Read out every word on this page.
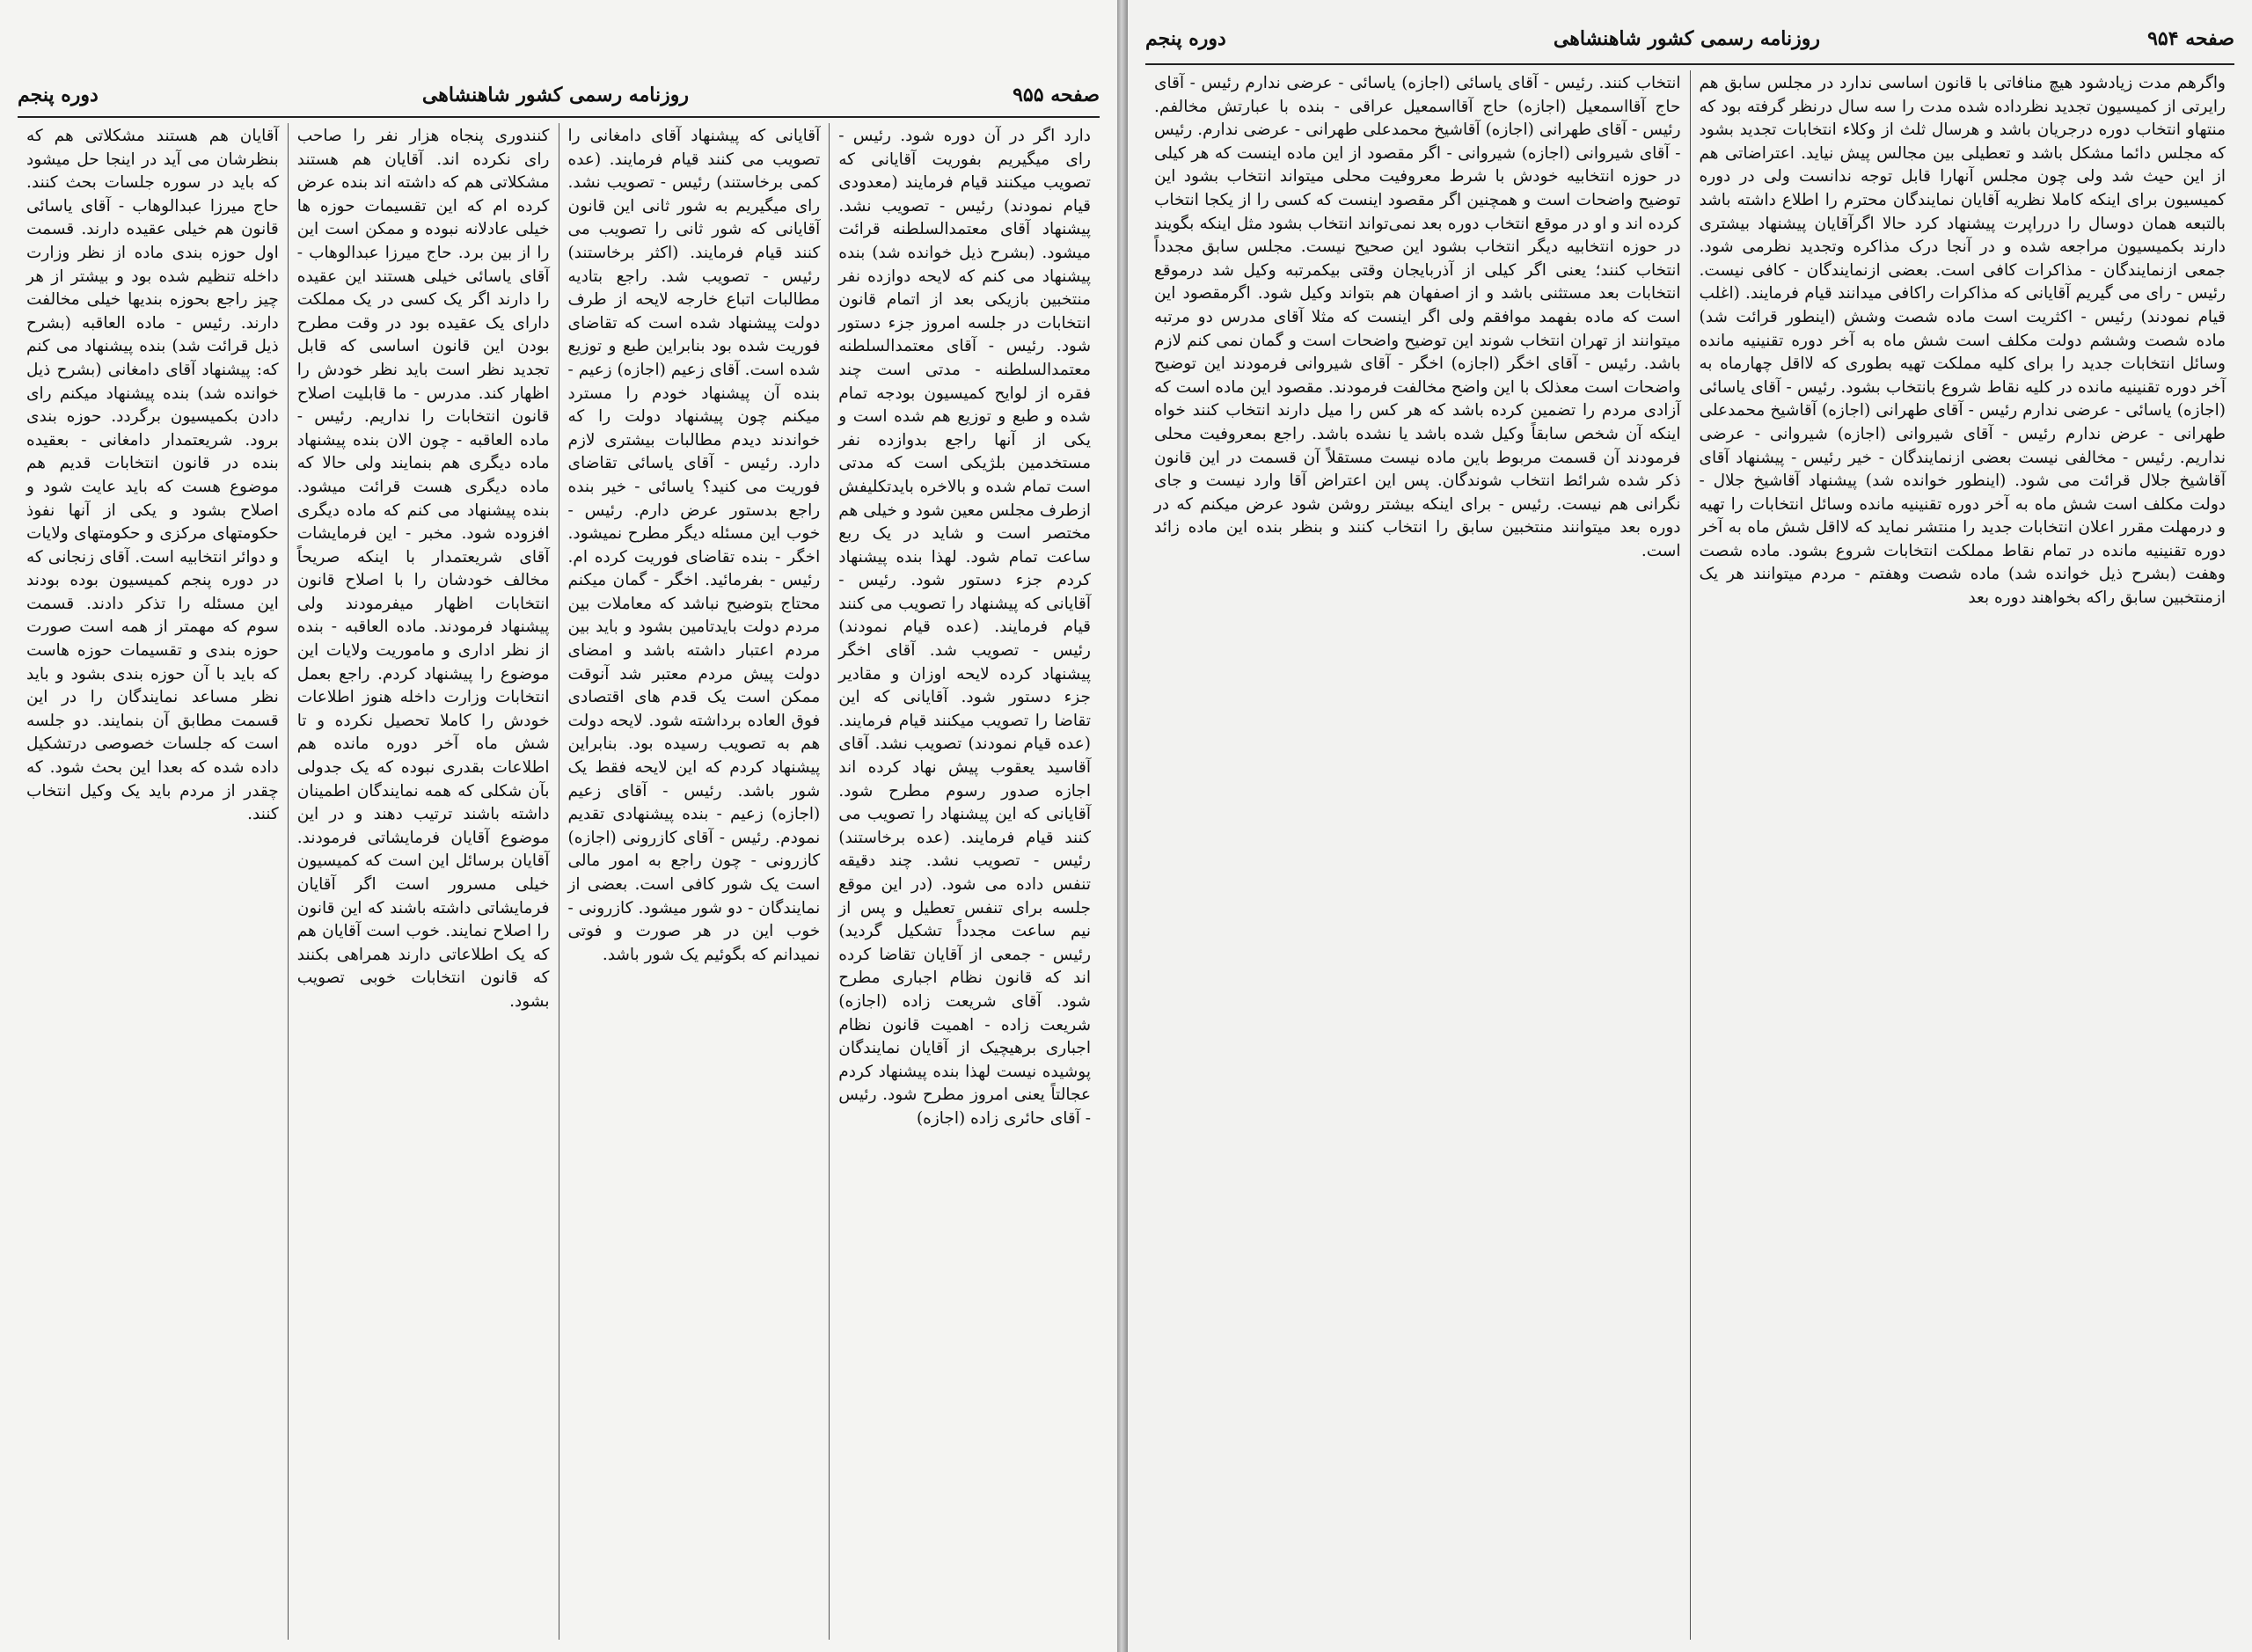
صفحه ۹۵۴
روزنامه رسمی کشور شاهنشاهی
دوره پنجم

واگرهم مدت زیادشود هیچ منافاتی با قانون اساسی ندارد در مجلس سابق هم رایرتی از کمیسیون تجدید نظرداده شده مدت را سه سال درنظر گرفته بود که منتهاو انتخاب دوره درجریان باشد و هرسال ثلث از وکلاء انتخابات تجدید بشود که مجلس دائما مشکل باشد و تعطیلی بین مجالس پیش نیاید. اعتراضاتی هم از این حیث شد ولی چون مجلس آنهارا قابل توجه ندانست ولی در دوره کمیسیون برای اینکه کاملا نظریه آقایان نمایندگان محترم را اطلاع داشته باشد بالتبعه همان دوسال را درراپرت پیشنهاد کرد حالا اگرآقایان پیشنهاد بیشتری دارند بکمیسیون مراجعه شده و در آنجا درک مذاکره وتجدید نظرمی شود. جمعی ازنمایندگان - مذاکرات کافی است. بعضی ازنمایندگان - کافی نیست. رئیس - رای می گیریم آقایانی که مذاکرات راکافی میدانند قیام فرمایند. (اغلب قیام نمودند) رئیس - اکثریت است ماده شصت وشش (اینطور قرائت شد) ماده شصت وششم دولت مکلف است شش ماه به آخر دوره تقنینیه مانده وسائل انتخابات جدید را برای کلیه مملکت تهیه بطوری که لااقل چهارماه به آخر دوره تقنینیه مانده در کلیه نقاط شروع بانتخاب بشود. رئیس - آقای یاسائی (اجازه) یاسائی - عرضی ندارم رئیس - آقای طهرانی (اجازه) آقاشیخ محمدعلی طهرانی - عرض ندارم رئیس - آقای شیروانی (اجازه) شیروانی - عرضی نداریم. رئیس - مخالفی نیست بعضی ازنمایندگان - خیر رئیس - پیشنهاد آقای آقاشیخ جلال قرائت می شود. (اینطور خوانده شد) پیشنهاد آقاشیخ جلال - دولت مکلف است شش ماه به آخر دوره تقنینیه مانده وسائل انتخابات را تهیه و درمهلت مقرر اعلان انتخابات جدید را منتشر نماید که لااقل شش ماه به آخر دوره تقنینیه مانده در تمام نقاط مملکت انتخابات شروع بشود. ماده شصت وهفت (بشرح ذیل خوانده شد) ماده شصت وهفتم - مردم میتوانند هر یک ازمنتخبین سابق راکه بخواهند دوره بعد

انتخاب کنند. رئیس - آقای یاسائی (اجازه) یاسائی - عرضی ندارم رئیس - آقای حاج آقااسمعیل (اجازه) حاج آقااسمعیل عراقی - بنده با عبارتش مخالفم. رئیس - آقای طهرانی (اجازه) آقاشیخ محمدعلی طهرانی - عرضی ندارم. رئیس - آقای شیروانی (اجازه) شیروانی - اگر مقصود از این ماده اینست که هر کیلی در حوزه انتخابیه خودش با شرط معروفیت محلی میتواند انتخاب بشود این توضیح واضحات است و همچنین اگر مقصود اینست که کسی را از یکجا انتخاب کرده اند و او در موقع انتخاب دوره بعد نمی‌تواند انتخاب بشود مثل اینکه بگویند در حوزه انتخابیه دیگر انتخاب بشود این صحیح نیست. مجلس سابق مجدداً انتخاب کنند؛ یعنی اگر کیلی از آذربایجان وقتی بیکمرتبه وکیل شد درموقع انتخابات بعد مستثنی باشد و از اصفهان هم بتواند وکیل شود. اگرمقصود این است که ماده بفهمد موافقم ولی اگر اینست که مثلا آقای مدرس دو مرتبه میتوانند از تهران انتخاب شوند این توضیح واضحات است و گمان نمی کنم لازم باشد. رئیس - آقای اخگر (اجازه) اخگر - آقای شیروانی فرمودند این توضیح واضحات است معذلک با این واضح مخالفت فرمودند. مقصود این ماده است که آزادی مردم را تضمین کرده باشد که هر کس را میل دارند انتخاب کنند خواه اینکه آن شخص سابقاً وکیل شده باشد یا نشده باشد. راجع بمعروفیت محلی فرمودند آن قسمت مربوط باین ماده نیست مستقلاً آن قسمت در این قانون ذکر شده شرائط انتخاب شوندگان. پس این اعتراض آقا وارد نیست و جای نگرانی هم نیست. رئیس - برای اینکه بیشتر روشن شود عرض میکنم که در دوره بعد میتوانند منتخبین سابق را انتخاب کنند و بنظر بنده این ماده زائد است.

صفحه ۹۵۵
روزنامه رسمی کشور شاهنشاهی
دوره پنجم

دارد اگر در آن دوره شود. رئیس - رای میگیریم بفوریت آقایانی که تصویب میکنند قیام فرمایند (معدودی قیام نمودند) رئیس - تصویب نشد. پیشنهاد آقای معتمدالسلطنه قرائت میشود. (بشرح ذیل خوانده شد) بنده پیشنهاد می کنم که لایحه دوازده نفر منتخبین بازیکی بعد از اتمام قانون انتخابات در جلسه امروز جزء دستور شود. رئیس - آقای معتمدالسلطنه معتمدالسلطنه - مدتی است چند فقره از لوایح کمیسیون بودجه تمام شده و طبع و توزیع هم شده است و یکی از آنها راجع بدوازده نفر مستخدمین بلژیکی است که مدتی است تمام شده و بالاخره بایدتکلیفش ازطرف مجلس معین شود و خیلی هم مختصر است و شاید در یک ربع ساعت تمام شود. لهذا بنده پیشنهاد کردم جزء دستور شود. رئیس - آقایانی که پیشنهاد را تصویب می کنند قیام فرمایند. (عده قیام نمودند) رئیس - تصویب شد. آقای اخگر پیشنهاد کرده لایحه اوزان و مقادیر جزء دستور شود. آقایانی که این تقاضا را تصویب میکنند قیام فرمایند. (عده قیام نمودند) تصویب نشد. آقای آقاسید یعقوب پیش نهاد کرده اند اجازه صدور رسوم مطرح شود. آقایانی که این پیشنهاد را تصویب می کنند قیام فرمایند. (عده برخاستند) رئیس - تصویب نشد. چند دقیقه تنفس داده می شود. (در این موقع جلسه برای تنفس تعطیل و پس از نیم ساعت مجدداً تشکیل گردید) رئیس - جمعی از آقایان تقاضا کرده اند که قانون نظام اجباری مطرح شود. آقای شریعت زاده (اجازه) شریعت زاده - اهمیت قانون نظام اجباری برهیچیک از آقایان نمایندگان پوشیده نیست لهذا بنده پیشنهاد کردم عجالتاً یعنی امروز مطرح شود. رئیس - آقای حائری زاده (اجازه)

آقایانی که پیشنهاد آقای دامغانی را تصویب می کنند قیام فرمایند. (عده کمی برخاستند) رئیس - تصویب نشد. رای میگیریم به شور ثانی این قانون آقایانی که شور ثانی را تصویب می کنند قیام فرمایند. (اکثر برخاستند) رئیس - تصویب شد. راجع بتادیه مطالبات اتباع خارجه لایحه از طرف دولت پیشنهاد شده است که تقاضای فوریت شده بود بنابراین طبع و توزیع شده است. آقای زعیم (اجازه) زعیم - بنده آن پیشنهاد خودم را مسترد میکنم چون پیشنهاد دولت را که خواندند دیدم مطالبات بیشتری لازم دارد. رئیس - آقای یاسائی تقاضای فوریت می کنید؟ یاسائی - خیر بنده راجع بدستور عرض دارم. رئیس - خوب این مسئله دیگر مطرح نمیشود. اخگر - بنده تقاضای فوریت کرده ام. رئیس - بفرمائید. اخگر - گمان میکنم محتاج بتوضیح نباشد که معاملات بین مردم دولت بایدتامین بشود و باید بین مردم اعتبار داشته باشد و امضای دولت پیش مردم معتبر شد آنوقت ممکن است یک قدم های اقتصادی فوق العاده برداشته شود. لایحه دولت هم به تصویب رسیده بود. بنابراین پیشنهاد کردم که این لایحه فقط یک شور باشد. رئیس - آقای زعیم (اجازه) زعیم - بنده پیشنهادی تقدیم نمودم. رئیس - آقای کازرونی (اجازه) کازرونی - چون راجع به امور مالی است یک شور کافی است. بعضی از نمایندگان - دو شور میشود. کازرونی - خوب این در هر صورت و فوتی نمیدانم که بگوئیم یک شور باشد.

کنندوری پنجاه هزار نفر را صاحب رای نکرده اند. آقایان هم هستند مشکلاتی هم که داشته اند بنده عرض کرده ام که این تقسیمات حوزه ها خیلی عادلانه نبوده و ممکن است این را از بین برد. حاج میرزا عبدالوهاب - آقای یاسائی خیلی هستند این عقیده را دارند اگر یک کسی در یک مملکت دارای یک عقیده بود در وقت مطرح بودن این قانون اساسی که قابل تجدید نظر است باید نظر خودش را اظهار کند. مدرس - ما قابلیت اصلاح قانون انتخابات را نداریم. رئیس - ماده العاقبه - چون الان بنده پیشنهاد ماده دیگری هم بنمایند ولی حالا که ماده دیگری هست قرائت میشود. بنده پیشنهاد می کنم که ماده دیگری افزوده شود. مخبر - این فرمایشات آقای شریعتمدار با اینکه صریحاً مخالف خودشان را با اصلاح قانون انتخابات اظهار میفرمودند ولی پیشنهاد فرمودند. ماده العاقبه - بنده از نظر اداری و ماموریت ولایات این موضوع را پیشنهاد کردم. راجع بعمل انتخابات وزارت داخله هنوز اطلاعات خودش را کاملا تحصیل نکرده و تا شش ماه آخر دوره مانده هم اطلاعات بقدری نبوده که یک جدولی بآن شکلی که همه نمایندگان اطمینان داشته باشند ترتیب دهند و در این موضوع آقایان فرمایشاتی فرمودند. آقایان برسائل این است که کمیسیون خیلی مسرور است اگر آقایان فرمایشاتی داشته باشند که این قانون را اصلاح نمایند. خوب است آقایان هم که یک اطلاعاتی دارند همراهی بکنند که قانون انتخابات خوبی تصویب بشود.

آقایان هم هستند مشکلاتی هم که بنظرشان می آید در اینجا حل میشود که باید در سوره جلسات بحث کنند. حاج میرزا عبدالوهاب - آقای یاسائی قانون هم خیلی عقیده دارند. قسمت اول حوزه بندی ماده از نظر وزارت داخله تنظیم شده بود و بیشتر از هر چیز راجع بحوزه بندیها خیلی مخالفت دارند. رئیس - ماده العاقبه (بشرح ذیل قرائت شد) بنده پیشنهاد می کنم که: پیشنهاد آقای دامغانی (بشرح ذیل خوانده شد) بنده پیشنهاد میکنم رای دادن بکمیسیون برگردد. حوزه بندی برود. شریعتمدار دامغانی - بعقیده بنده در قانون انتخابات قدیم هم موضوع هست که باید عایت شود و اصلاح بشود و یکی از آنها نفوذ حکومتهای مرکزی و حکومتهای ولایات و دوائر انتخابیه است. آقای زنجانی که در دوره پنجم کمیسیون بوده بودند این مسئله را تذکر دادند. قسمت سوم که مهمتر از همه است صورت حوزه بندی و تقسیمات حوزه هاست که باید با آن حوزه بندی بشود و باید نظر مساعد نمایندگان را در این قسمت مطابق آن بنمایند. دو جلسه است که جلسات خصوصی درتشکیل داده شده که بعدا این بحث شود. که چقدر از مردم باید یک وکیل انتخاب کنند.
